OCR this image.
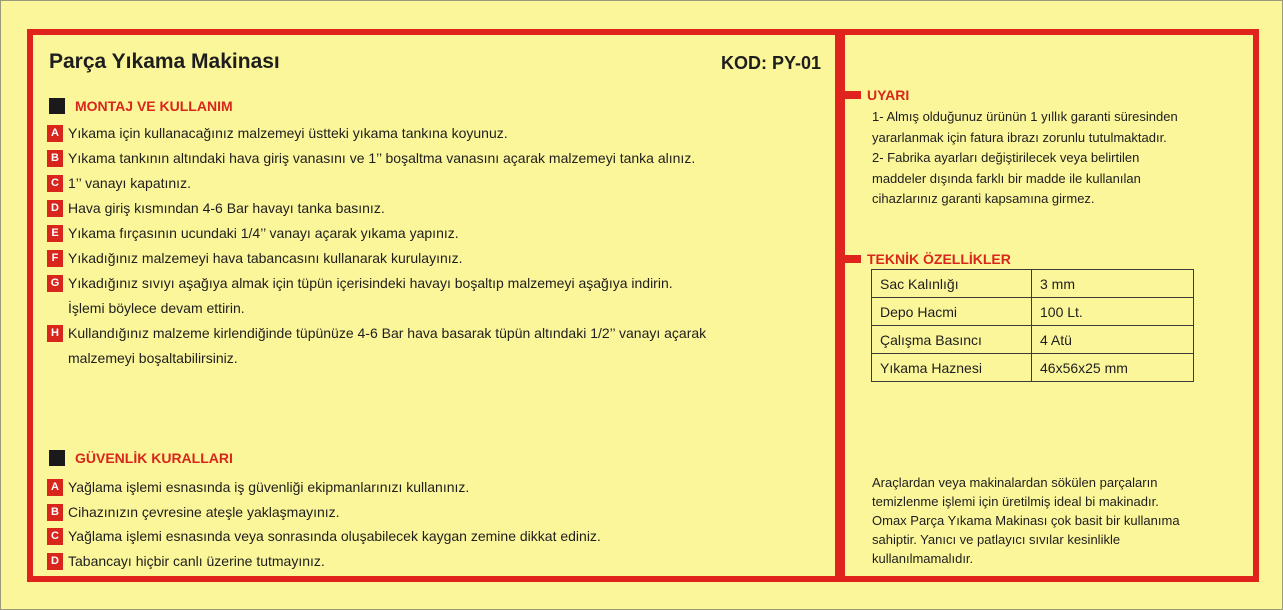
Parça Yıkama Makinası	KOD: PY-01
MONTAJ VE KULLANIM
A Yıkama için kullanacağınız malzemeyi üstteki yıkama tankına koyunuz.
B Yıkama tankının altındaki hava giriş vanasını ve 1’’ boşaltma vanasını açarak malzemeyi tanka alınız.
C 1’’ vanayı kapatınız.
D Hava giriş kısmından 4-6 Bar havayı tanka basınız.
E Yıkama fırçasının ucundaki 1/4’’ vanayı açarak yıkama yapınız.
F Yıkadığınız malzemeyi hava tabancasını kullanarak kurulayınız.
G Yıkadığınız sıvıyı aşağıya almak için tüpün içerisindeki havayı boşaltıp malzemeyi aşağıya indirin.
İşlemi böylece devam ettirin.
H Kullandığınız malzeme kirlendiğinde tüpünüze 4-6 Bar hava basarak tüpün altındaki 1/2’’ vanayı açarak
malzemeyi boşaltabilirsiniz.
GÜVENLİK KURALLARI
A Yağlama işlemi esnasında iş güvenliği ekipmanlarınızı kullanınız.
B Cihazınızın çevresine ateşle yaklaşmayınız.
C Yağlama işlemi esnasında veya sonrasında oluşabilecek kaygan zemine dikkat ediniz.
D Tabancayı hiçbir canlı üzerine tutmayınız.
UYARI
1- Almış olduğunuz ürünün 1 yıllık garanti süresinden
yararlanmak için fatura ibrazı zorunlu tutulmaktadır.
2- Fabrika ayarları değiştirilecek veya belirtilen
maddeler dışında farklı bir madde ile kullanılan
cihazlarınız garanti kapsamına girmez.
TEKNİK ÖZELLİKLER
Sac Kalınlığı	3 mm
Depo Hacmi	100 Lt.
Çalışma Basıncı	4 Atü
Yıkama Haznesi	46x56x25 mm
Araçlardan veya makinalardan sökülen parçaların
temizlenme işlemi için üretilmiş ideal bi makinadır.
Omax Parça Yıkama Makinası çok basit bir kullanıma
sahiptir. Yanıcı ve patlayıcı sıvılar kesinlikle
kullanılmamalıdır.
